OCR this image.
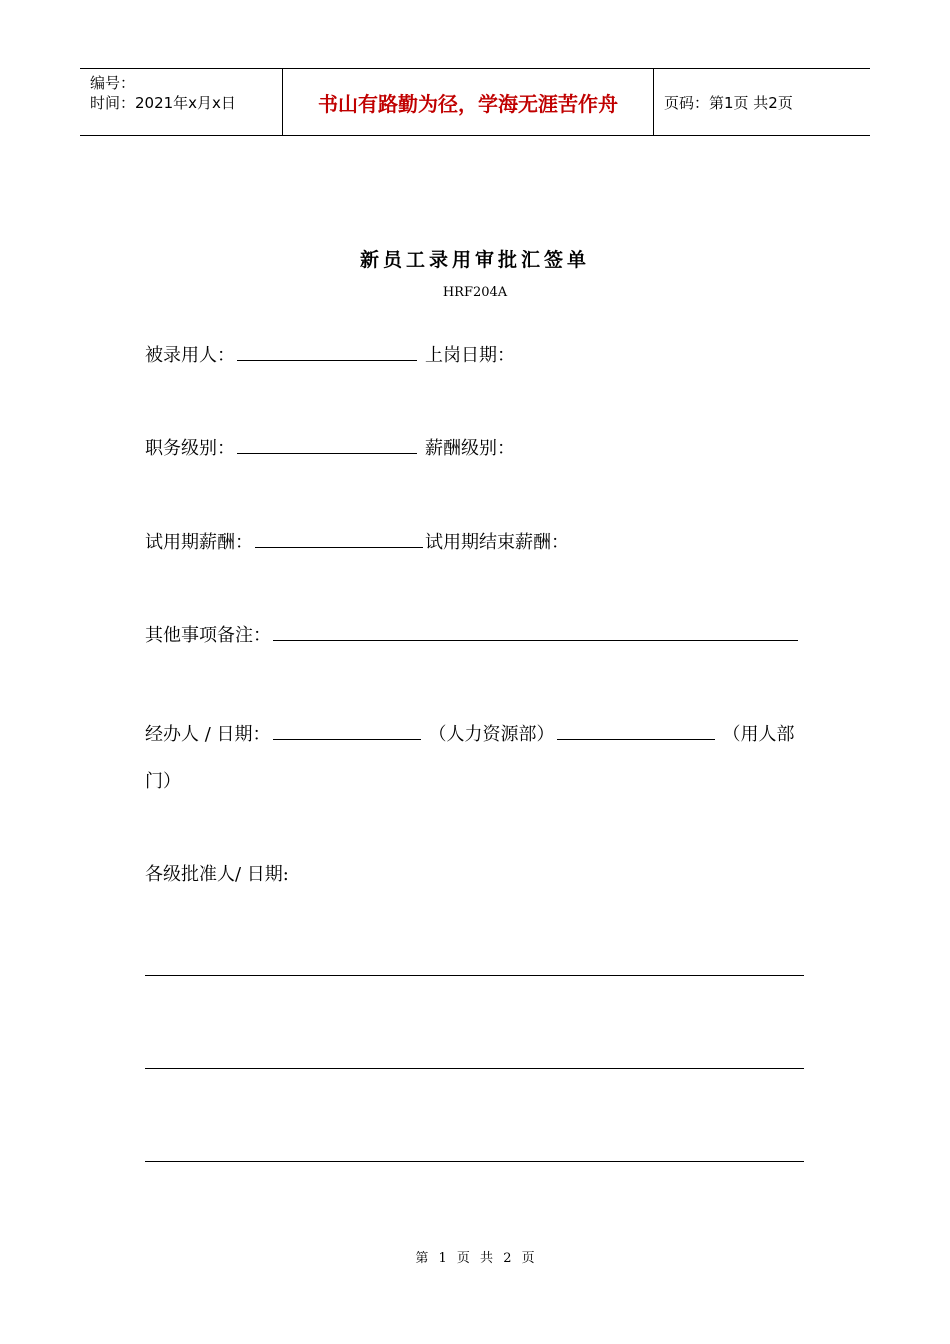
编号：
时间：2021年x月x日	书山有路勤为径，学海无涯苦作舟	页码：第1页 共2页
新员工录用审批汇签单
HRF204A
被录用人：	上岗日期：
职务级别：	薪酬级别：
试用期薪酬：	试用期结束薪酬：
其他事项备注：
经办人 / 日期：	（人力资源部）	（用人部
门）
各级批准人/ 日期:
第 1 页 共 2 页
